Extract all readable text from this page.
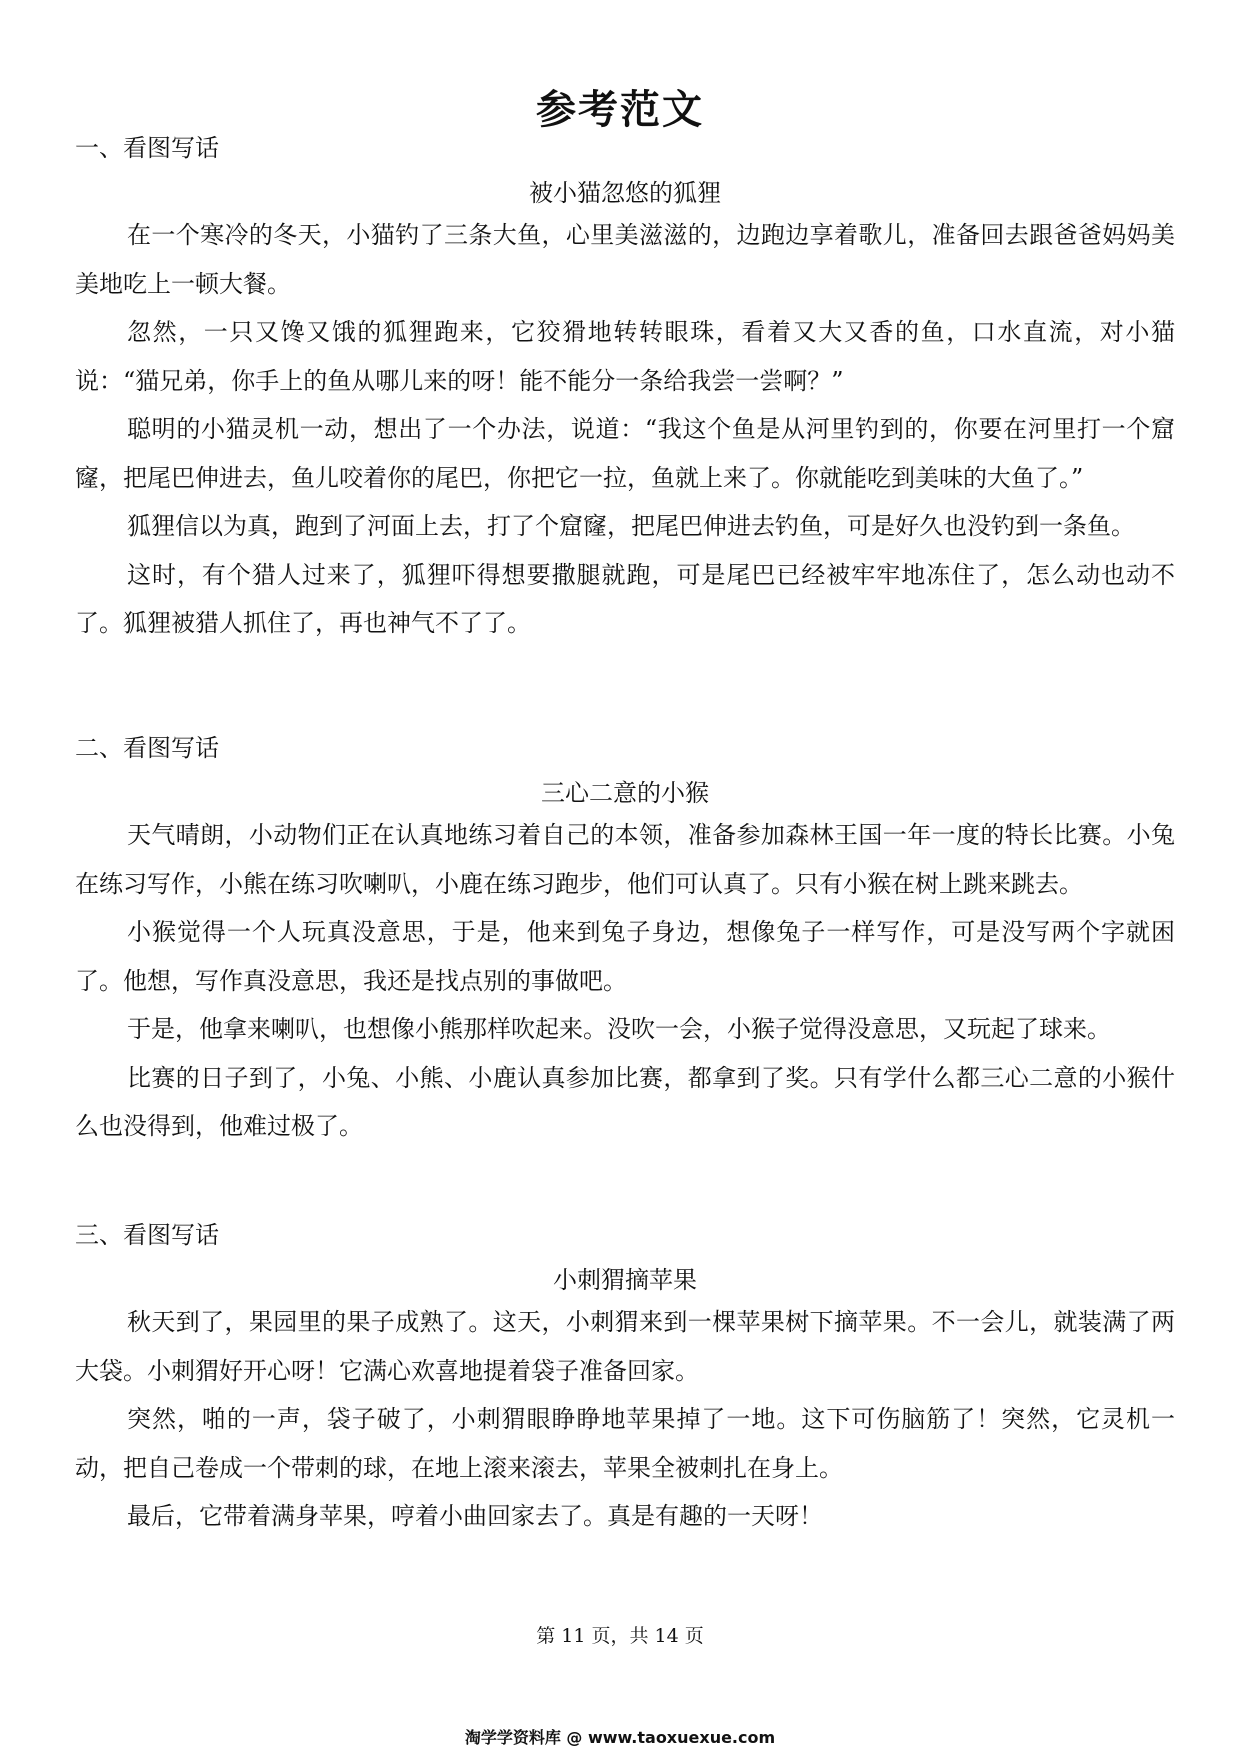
参考范文
一、看图写话
被小猫忽悠的狐狸

在一个寒冷的冬天，小猫钓了三条大鱼，心里美滋滋的，边跑边享着歌儿，准备回去跟爸爸妈妈美美地吃上一顿大餐。

忽然，一只又馋又饿的狐狸跑来，它狡猾地转转眼珠，看着又大又香的鱼，口水直流，对小猫说：“猫兄弟，你手上的鱼从哪儿来的呀！能不能分一条给我尝一尝啊？”

聪明的小猫灵机一动，想出了一个办法，说道：“我这个鱼是从河里钓到的，你要在河里打一个窟窿，把尾巴伸进去，鱼儿咬着你的尾巴，你把它一拉，鱼就上来了。你就能吃到美味的大鱼了。”

狐狸信以为真，跑到了河面上去，打了个窟窿，把尾巴伸进去钓鱼，可是好久也没钓到一条鱼。

这时，有个猎人过来了，狐狸吓得想要撒腿就跑，可是尾巴已经被牢牢地冻住了，怎么动也动不了。狐狸被猎人抓住了，再也神气不了了。

二、看图写话
三心二意的小猴

天气晴朗，小动物们正在认真地练习着自己的本领，准备参加森林王国一年一度的特长比赛。小兔在练习写作，小熊在练习吹喇叭，小鹿在练习跑步，他们可认真了。只有小猴在树上跳来跳去。

小猴觉得一个人玩真没意思，于是，他来到兔子身边，想像兔子一样写作，可是没写两个字就困了。他想，写作真没意思，我还是找点别的事做吧。

于是，他拿来喇叭，也想像小熊那样吹起来。没吹一会，小猴子觉得没意思，又玩起了球来。

比赛的日子到了，小兔、小熊、小鹿认真参加比赛，都拿到了奖。只有学什么都三心二意的小猴什么也没得到，他难过极了。

三、看图写话
小刺猬摘苹果

秋天到了，果园里的果子成熟了。这天，小刺猬来到一棵苹果树下摘苹果。不一会儿，就装满了两大袋。小刺猬好开心呀！它满心欢喜地提着袋子准备回家。

突然，啪的一声，袋子破了，小刺猬眼睁睁地苹果掉了一地。这下可伤脑筋了！突然，它灵机一动，把自己卷成一个带刺的球，在地上滚来滚去，苹果全被刺扎在身上。

最后，它带着满身苹果，哼着小曲回家去了。真是有趣的一天呀！

第 11 页，共 14 页
淘学学资料库 @ www.taoxuexue.com
